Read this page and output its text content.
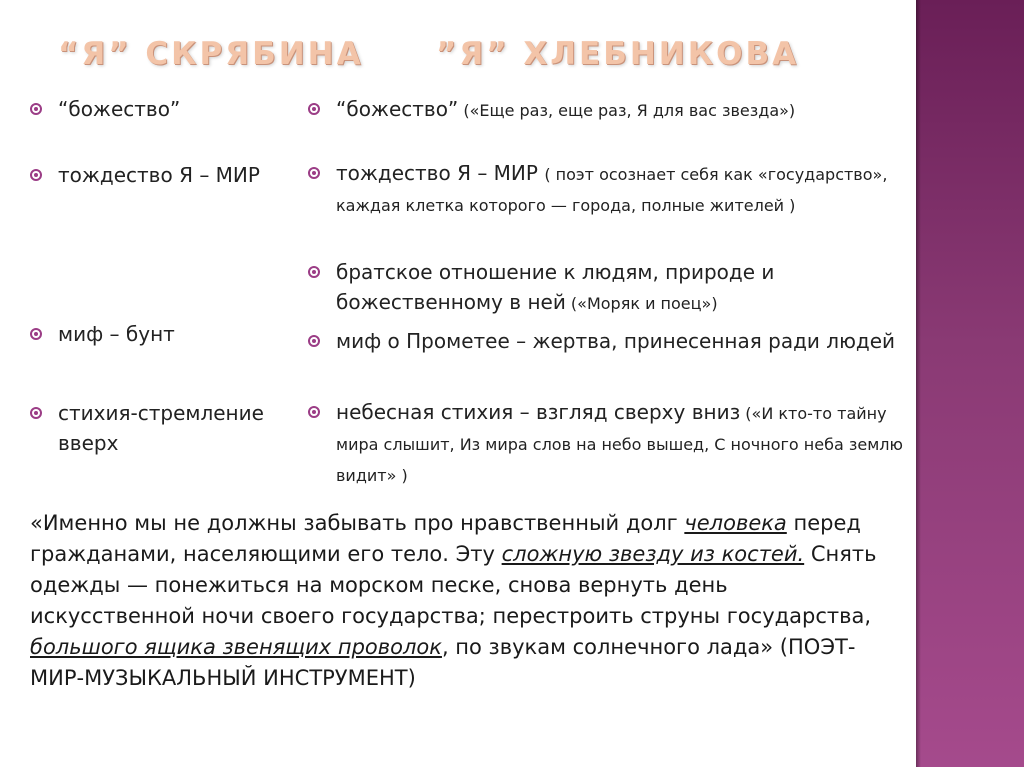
“Я” СКРЯБИНА ”Я” ХЛЕБНИКОВА
“божество”
тождество Я – МИР
миф – бунт
стихия-стремление вверх
“божество” («Еще раз, еще раз, Я для вас звезда»)
тождество Я – МИР ( поэт осознает себя как «государство», каждая клетка которого — города, полные жителей )
братское отношение к людям, природе и божественному в ней («Моряк и поец»)
миф о Прометее – жертва, принесенная ради людей
небесная стихия – взгляд сверху вниз («И кто-то тайну мира слышит, Из мира слов на небо вышед, С ночного неба землю видит» )
«Именно мы не должны забывать про нравственный долг человека перед гражданами, населяющими его тело. Эту сложную звезду из костей. Снять одежды — понежиться на морском песке, снова вернуть день искусственной ночи своего государства; перестроить струны государства, большого ящика звенящих проволок, по звукам солнечного лада» (ПОЭТ-МИР-МУЗЫКАЛЬНЫЙ ИНСТРУМЕНТ)
